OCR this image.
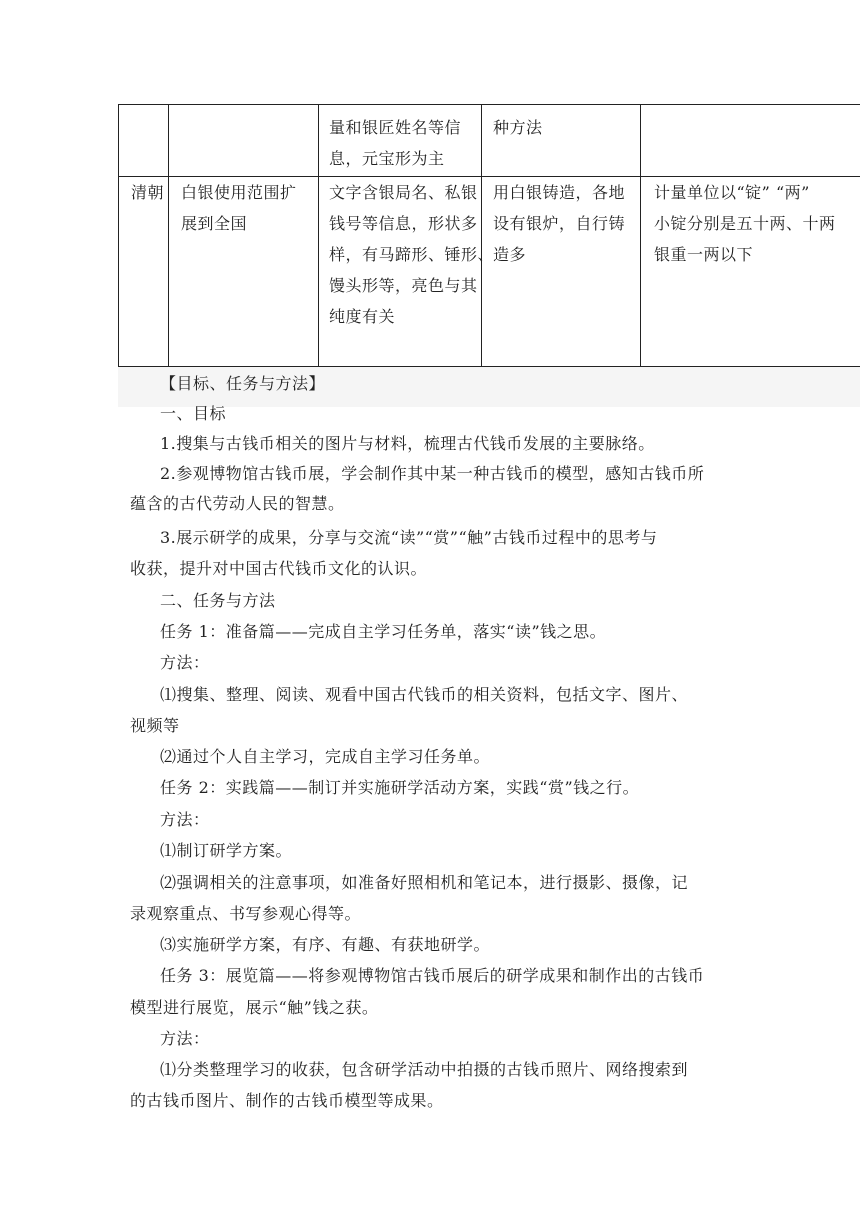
量和银匠姓名等信
息，元宝形为主
种方法
清朝 白银使用范围扩
展到全国
文字含银局名、私银
钱号等信息，形状多
样，有马蹄形、锤形、
馒头形等，亮色与其
纯度有关
用白银铸造，各地
设有银炉，自行铸
造多
计量单位以“锭” “两”
小锭分别是五十两、十两
银重一两以下
【目标、任务与方法】
一、目标
1.搜集与古钱币相关的图片与材料，梳理古代钱币发展的主要脉络。
2.参观博物馆古钱币展，学会制作其中某一种古钱币的模型，感知古钱币所
蕴含的古代劳动人民的智慧。
3.展示研学的成果，分享与交流“读”“赏”“触”古钱币过程中的思考与
收获，提升对中国古代钱币文化的认识。
二、任务与方法
任务 1：准备篇——完成自主学习任务单，落实“读”钱之思。
方法：
⑴搜集、整理、阅读、观看中国古代钱币的相关资料，包括文字、图片、
视频等
⑵通过个人自主学习，完成自主学习任务单。
任务 2：实践篇——制订并实施研学活动方案，实践“赏”钱之行。
方法：
⑴制订研学方案。
⑵强调相关的注意事项，如准备好照相机和笔记本，进行摄影、摄像，记
录观察重点、书写参观心得等。
⑶实施研学方案，有序、有趣、有获地研学。
任务 3：展览篇——将参观博物馆古钱币展后的研学成果和制作出的古钱币
模型进行展览，展示“触”钱之获。
方法：
⑴分类整理学习的收获，包含研学活动中拍摄的古钱币照片、网络搜索到
的古钱币图片、制作的古钱币模型等成果。
